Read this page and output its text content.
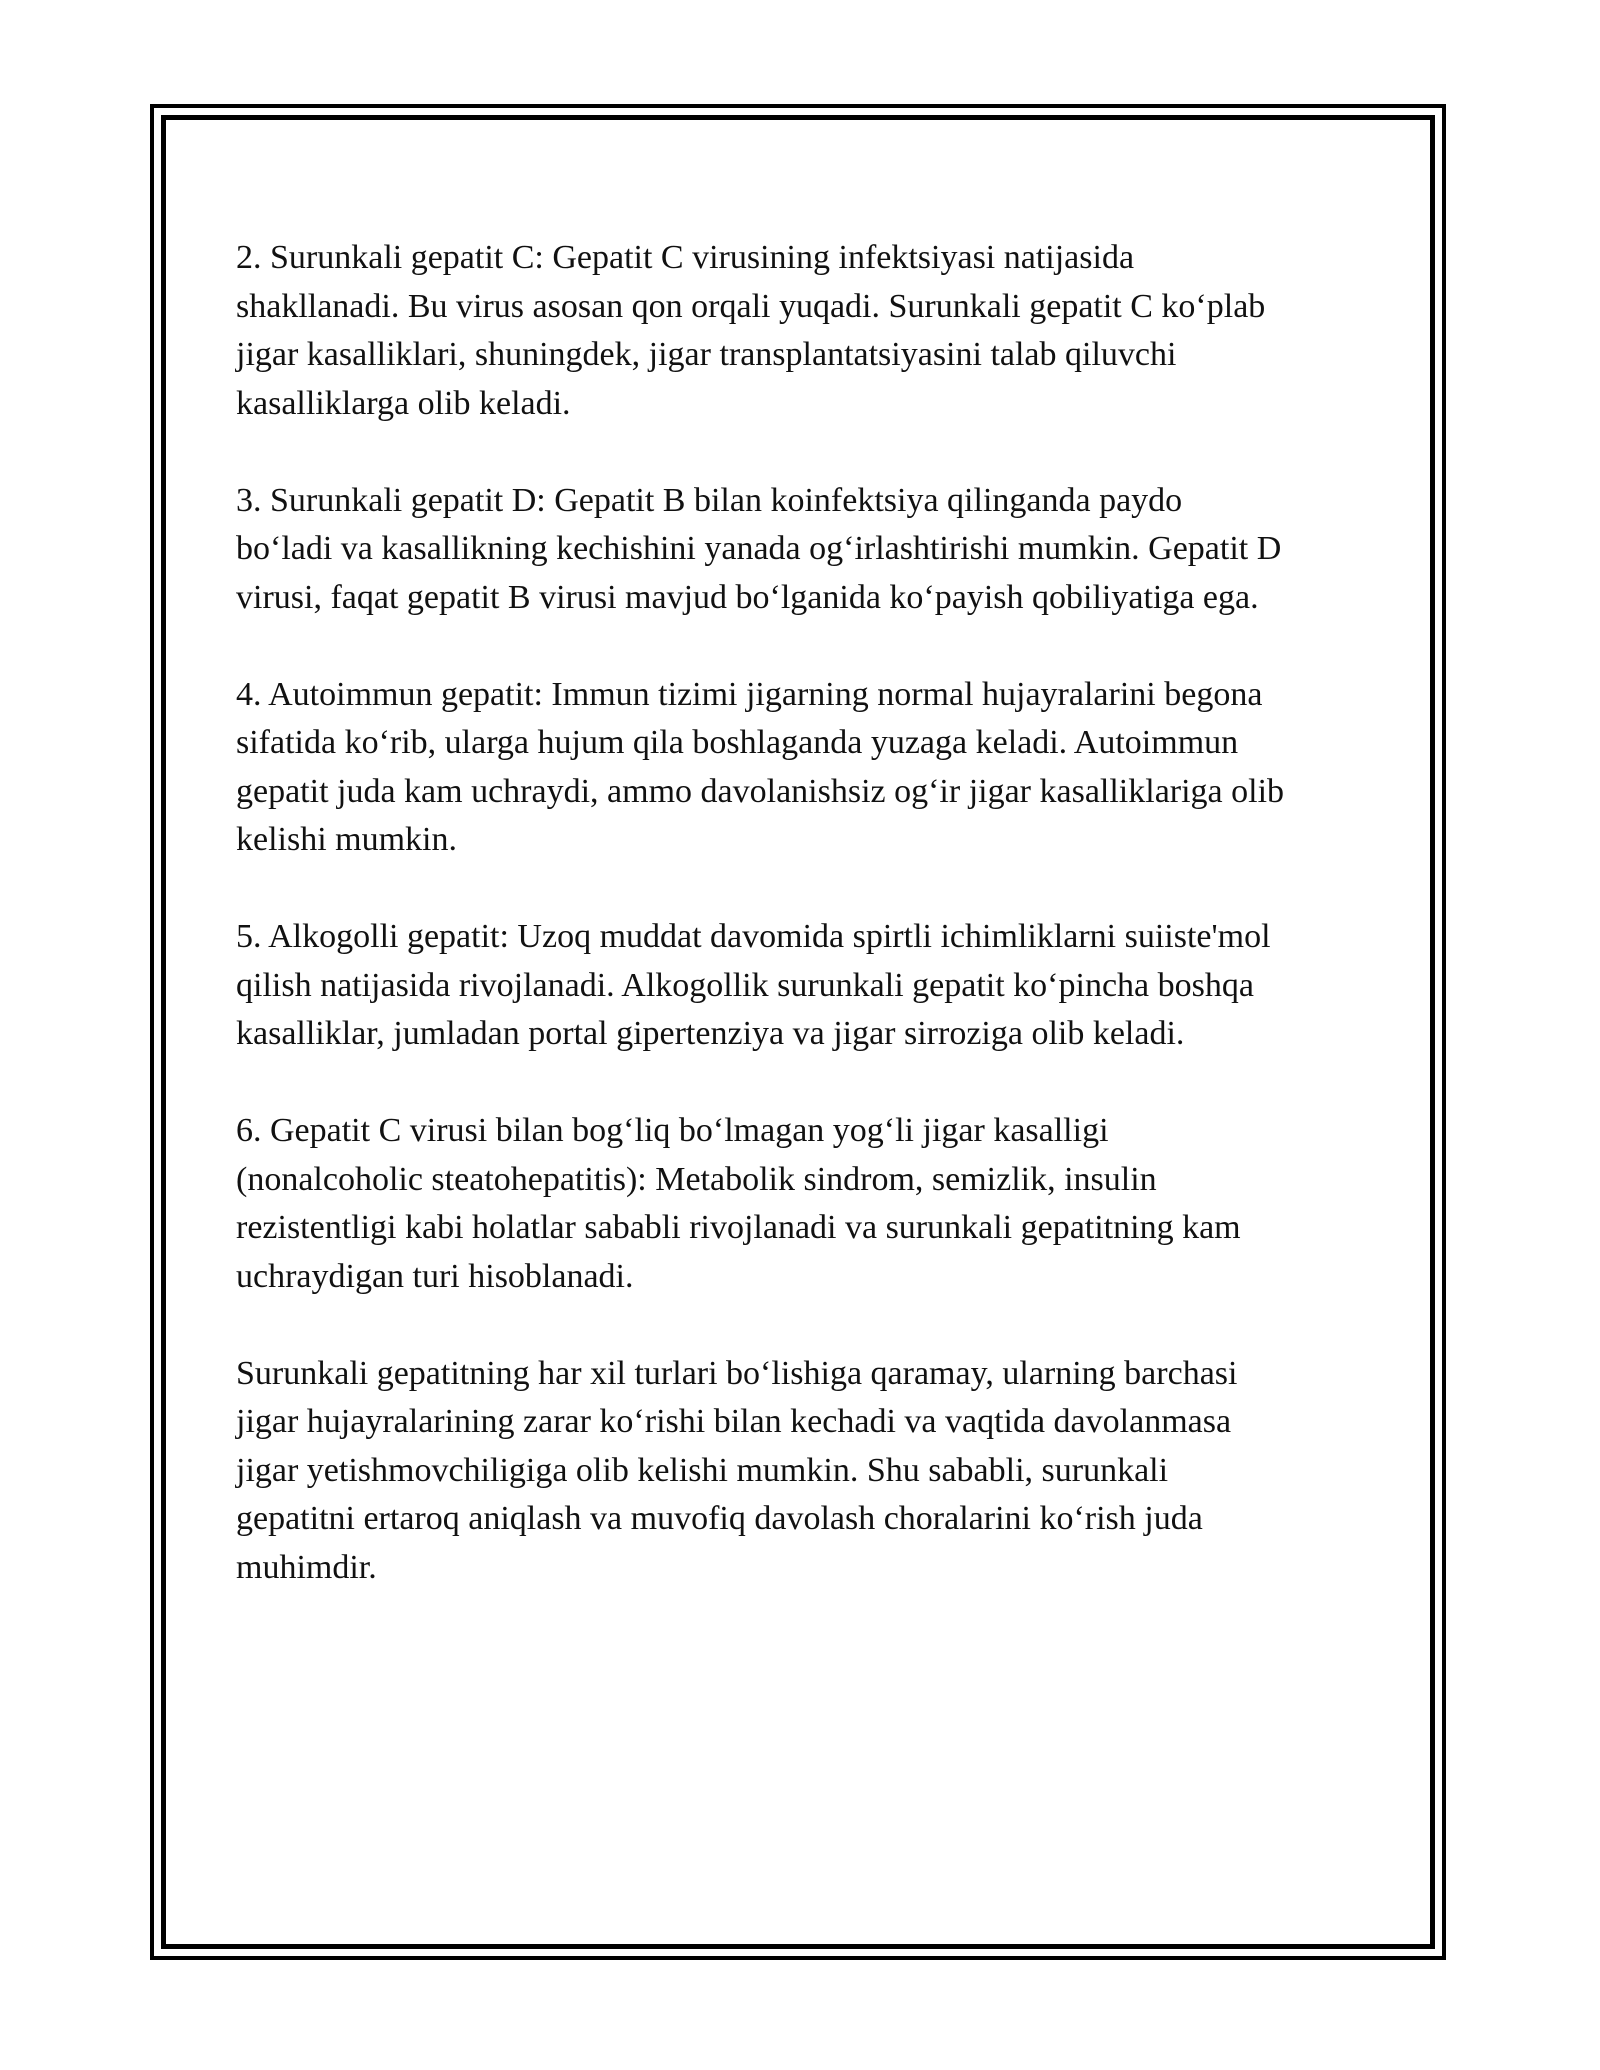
2. Surunkali gepatit C: Gepatit C virusining infektsiyasi natijasida
shakllanadi. Bu virus asosan qon orqali yuqadi. Surunkali gepatit C ko‘plab
jigar kasalliklari, shuningdek, jigar transplantatsiyasini talab qiluvchi
kasalliklarga olib keladi.

3. Surunkali gepatit D: Gepatit B bilan koinfektsiya qilinganda paydo
bo‘ladi va kasallikning kechishini yanada og‘irlashtirishi mumkin. Gepatit D
virusi, faqat gepatit B virusi mavjud bo‘lganida ko‘payish qobiliyatiga ega.

4. Autoimmun gepatit: Immun tizimi jigarning normal hujayralarini begona
sifatida ko‘rib, ularga hujum qila boshlaganda yuzaga keladi. Autoimmun
gepatit juda kam uchraydi, ammo davolanishsiz og‘ir jigar kasalliklariga olib
kelishi mumkin.

5. Alkogolli gepatit: Uzoq muddat davomida spirtli ichimliklarni suiiste'mol
qilish natijasida rivojlanadi. Alkogollik surunkali gepatit ko‘pincha boshqa
kasalliklar, jumladan portal gipertenziya va jigar sirroziga olib keladi.

6. Gepatit C virusi bilan bog‘liq bo‘lmagan yog‘li jigar kasalligi
(nonalcoholic steatohepatitis): Metabolik sindrom, semizlik, insulin
rezistentligi kabi holatlar sababli rivojlanadi va surunkali gepatitning kam
uchraydigan turi hisoblanadi.

Surunkali gepatitning har xil turlari bo‘lishiga qaramay, ularning barchasi
jigar hujayralarining zarar ko‘rishi bilan kechadi va vaqtida davolanmasa
jigar yetishmovchiligiga olib kelishi mumkin. Shu sababli, surunkali
gepatitni ertaroq aniqlash va muvofiq davolash choralarini ko‘rish juda
muhimdir.
